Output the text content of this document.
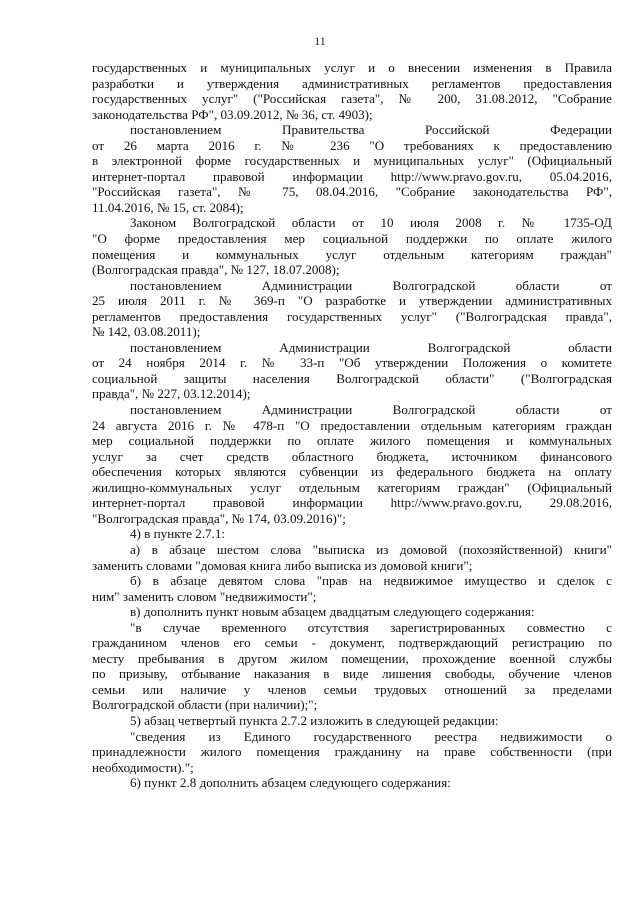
11
государственных и муниципальных услуг и о внесении изменения в Правила
разработки и утверждения административных регламентов предоставления
государственных услуг" ("Российская газета", № 200, 31.08.2012, "Собрание
законодательства РФ", 03.09.2012, № 36, ст. 4903);
постановлением Правительства Российской Федерации
от 26 марта 2016 г. № 236 "О требованиях к предоставлению
в электронной форме государственных и муниципальных услуг" (Официальный
интернет-портал правовой информации http://www.pravo.gov.ru, 05.04.2016,
"Российская газета", № 75, 08.04.2016, "Собрание законодательства РФ",
11.04.2016, № 15, ст. 2084);
Законом Волгоградской области от 10 июля 2008 г. № 1735-ОД
"О форме предоставления мер социальной поддержки по оплате жилого
помещения и коммунальных услуг отдельным категориям граждан"
(Волгоградская правда", № 127, 18.07.2008);
постановлением Администрации Волгоградской области от
25 июля 2011 г. № 369-п "О разработке и утверждении административных
регламентов предоставления государственных услуг" ("Волгоградская правда",
№ 142, 03.08.2011);
постановлением Администрации Волгоградской области
от 24 ноября 2014 г. № 33-п "Об утверждении Положения о комитете
социальной защиты населения Волгоградской области" ("Волгоградская
правда", № 227, 03.12.2014);
постановлением Администрации Волгоградской области от
24 августа 2016 г. № 478-п "О предоставлении отдельным категориям граждан
мер социальной поддержки по оплате жилого помещения и коммунальных
услуг за счет средств областного бюджета, источником финансового
обеспечения которых являются субвенции из федерального бюджета на оплату
жилищно-коммунальных услуг отдельным категориям граждан" (Официальный
интернет-портал правовой информации http://www.pravo.gov.ru, 29.08.2016,
"Волгоградская правда", № 174, 03.09.2016)";
4) в пункте 2.7.1:
а) в абзаце шестом слова "выписка из домовой (похозяйственной) книги"
заменить словами "домовая книга либо выписка из домовой книги";
б) в абзаце девятом слова "прав на недвижимое имущество и сделок с
ним" заменить словом "недвижимости";
в) дополнить пункт новым абзацем двадцатым следующего содержания:
"в случае временного отсутствия зарегистрированных совместно с
гражданином членов его семьи - документ, подтверждающий регистрацию по
месту пребывания в другом жилом помещении, прохождение военной службы
по призыву, отбывание наказания в виде лишения свободы, обучение членов
семьи или наличие у членов семьи трудовых отношений за пределами
Волгоградской области (при наличии);";
5) абзац четвертый пункта 2.7.2 изложить в следующей редакции:
"сведения из Единого государственного реестра недвижимости о
принадлежности жилого помещения гражданину на праве собственности (при
необходимости).";
6) пункт 2.8 дополнить абзацем следующего содержания:
